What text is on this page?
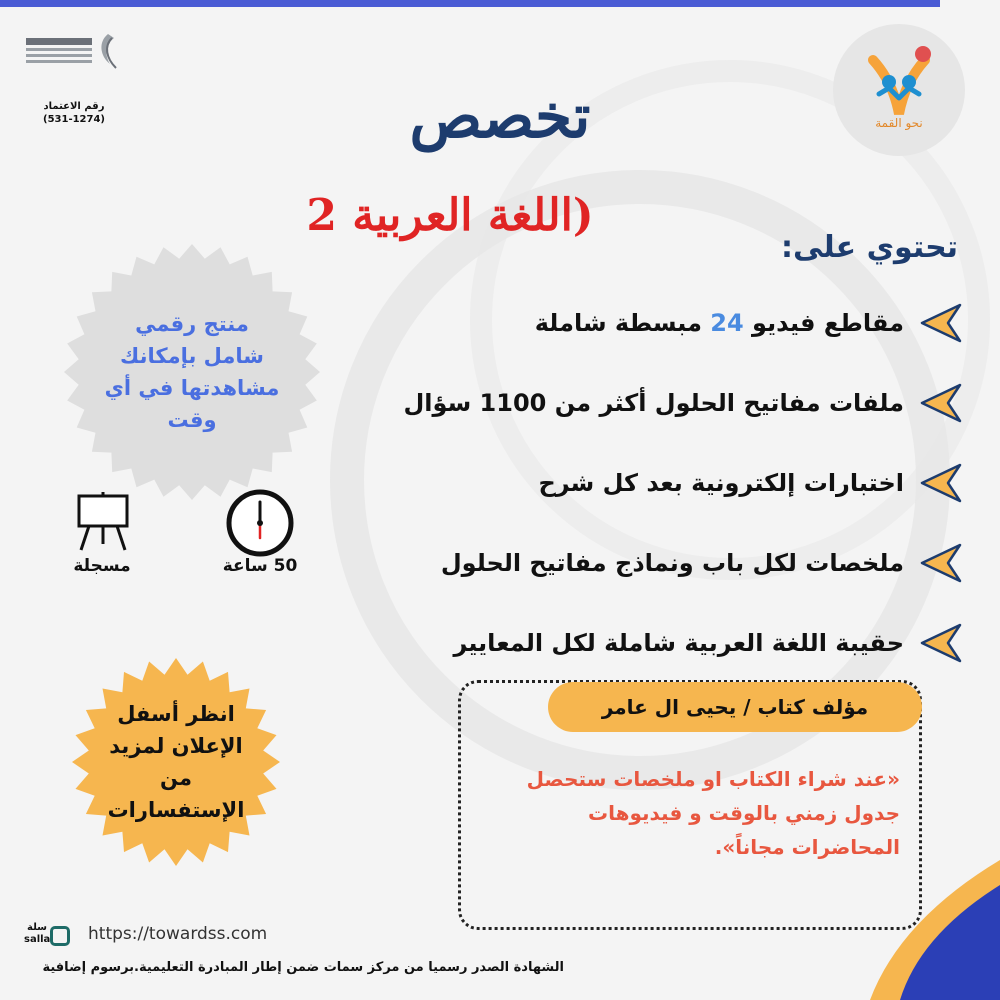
رقم الاعتماد
(531-1274)	نحو القمة
تخصص
(اللغة العربية 2
تحتوي على:
مقاطع فيديو 24 مبسطة شاملة
ملفات مفاتيح الحلول أكثر من 1100 سؤال
اختبارات إلكترونية بعد كل شرح
ملخصات لكل باب ونماذج مفاتيح الحلول
حقيبة اللغة العربية شاملة لكل المعايير
منتج رقمي شامل بإمكانك مشاهدتها في أي وقت
مسجلة	50 ساعة
انظر أسفل الإعلان لمزيد من الإستفسارات
مؤلف كتاب / يحيى ال عامر
«عند شراء الكتاب او ملخصات ستحصل جدول زمني بالوقت و فيديوهات المحاضرات مجاناً».
سلة salla https://towardss.com
الشهادة الصدر رسميا من مركز سمات ضمن إطار المبادرة التعليمية.برسوم إضافية
